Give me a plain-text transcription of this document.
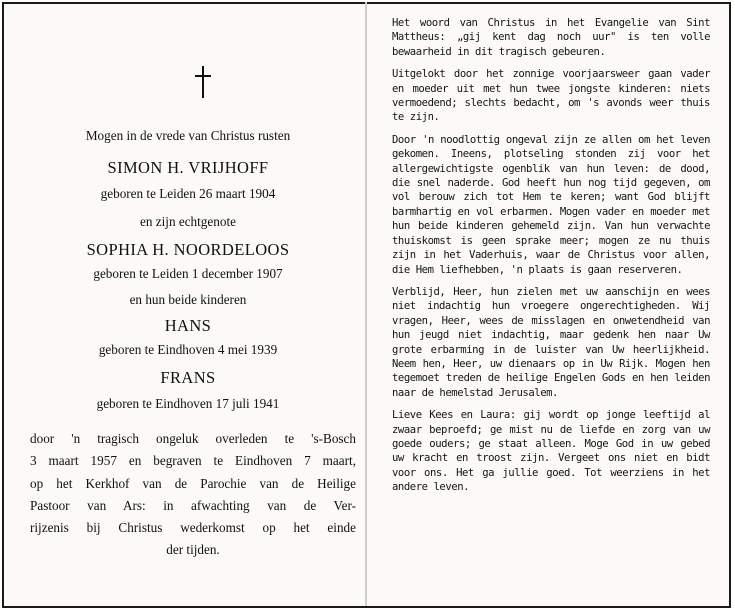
Mogen in de vrede van Christus rusten
SIMON H. VRIJHOFF
geboren te Leiden 26 maart 1904
en zijn echtgenote
SOPHIA H. NOORDELOOS
geboren te Leiden 1 december 1907
en hun beide kinderen
HANS
geboren te Eindhoven 4 mei 1939
FRANS
geboren te Eindhoven 17 juli 1941
door 'n tragisch ongeluk overleden te 's-Bosch
3 maart 1957 en begraven te Eindhoven 7 maart,
op het Kerkhof van de Parochie van de Heilige
Pastoor van Ars: in afwachting van de Ver-
rijzenis bij Christus wederkomst op het einde
der tijden.

Het woord van Christus in het Evangelie van Sint Mattheus: „gij kent dag noch uur" is ten volle bewaarheid in dit tragisch gebeuren.

Uitgelokt door het zonnige voorjaarsweer gaan vader en moeder uit met hun twee jongste kinderen: niets vermoedend; slechts bedacht, om 's avonds weer thuis te zijn.

Door 'n noodlottig ongeval zijn ze allen om het leven gekomen. Ineens, plotseling stonden zij voor het allergewichtigste ogenblik van hun leven: de dood, die snel naderde. God heeft hun nog tijd gegeven, om vol berouw zich tot Hem te keren; want God blijft barmhartig en vol erbarmen. Mogen vader en moeder met hun beide kinderen gehemeld zijn. Van hun verwachte thuiskomst is geen sprake meer; mogen ze nu thuis zijn in het Vaderhuis, waar de Christus voor allen, die Hem liefhebben, 'n plaats is gaan reserveren.

Verblijd, Heer, hun zielen met uw aanschijn en wees niet indachtig hun vroegere ongerechtigheden. Wij vragen, Heer, wees de misslagen en onwetendheid van hun jeugd niet indachtig, maar gedenk hen naar Uw grote erbarming in de luister van Uw heerlijkheid. Neem hen, Heer, uw dienaars op in Uw Rijk. Mogen hen tegemoet treden de heilige Engelen Gods en hen leiden naar de hemelstad Jerusalem.

Lieve Kees en Laura: gij wordt op jonge leeftijd al zwaar beproefd; ge mist nu de liefde en zorg van uw goede ouders; ge staat alleen. Moge God in uw gebed uw kracht en troost zijn. Vergeet ons niet en bidt voor ons. Het ga jullie goed. Tot weerziens in het andere leven.
